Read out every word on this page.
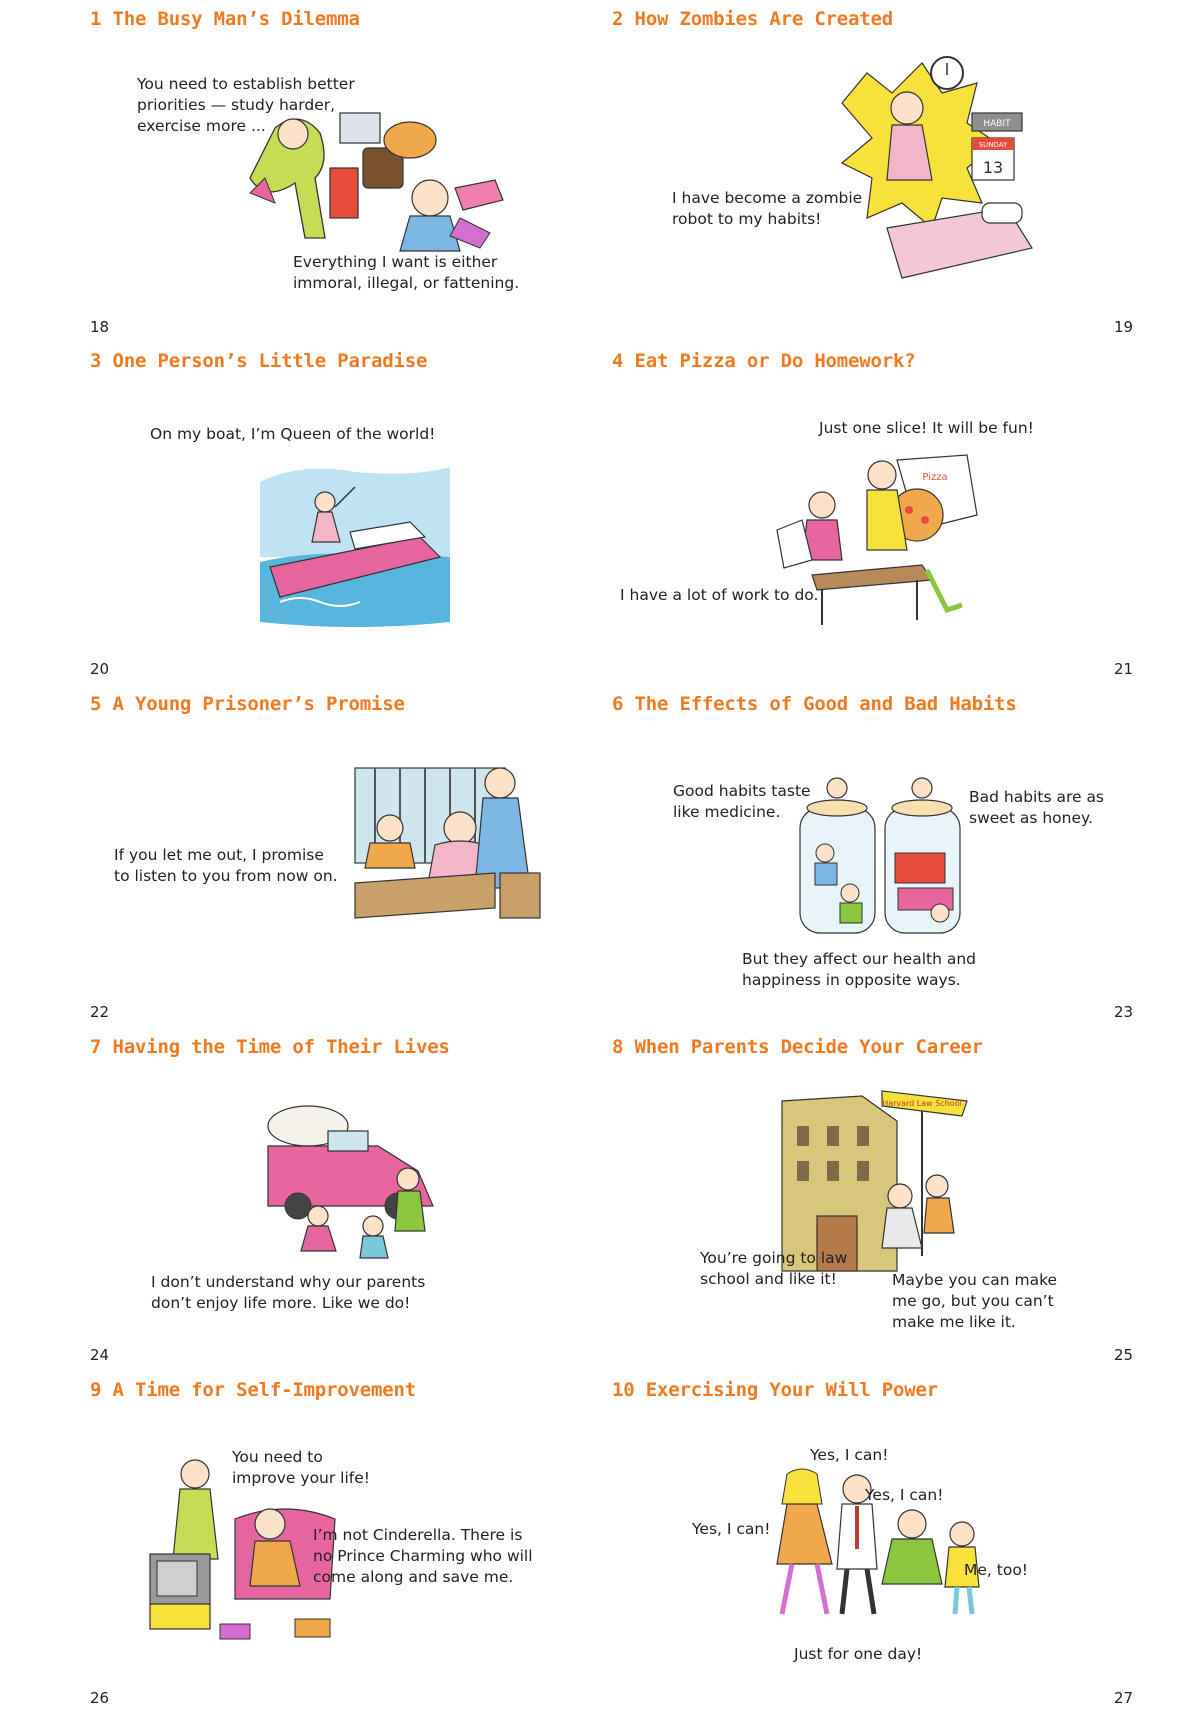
1 The Busy Man’s Dilemma
You need to establish better
priorities — study harder,
exercise more ...
Everything I want is either
immoral, illegal, or fattening.
18
2 How Zombies Are Created
HABIT
SUNDAY
13
I have become a zombie
robot to my habits!
19
3 One Person’s Little Paradise
On my boat, I’m Queen of the world!
20
4 Eat Pizza or Do Homework?
Just one slice! It will be fun!
Pizza
I have a lot of work to do.
21
5 A Young Prisoner’s Promise
If you let me out, I promise
to listen to you from now on.
22
6 The Effects of Good and Bad Habits
Good habits taste
like medicine.
Bad habits are as
sweet as honey.
But they affect our health and
happiness in opposite ways.
23
7 Having the Time of Their Lives
I don’t understand why our parents
don’t enjoy life more. Like we do!
24
8 When Parents Decide Your Career
Harvard Law School
You’re going to law
school and like it!	Maybe you can make
me go, but you can’t
make me like it.
25
9 A Time for Self-Improvement
You need to
improve your life!
I’m not Cinderella. There is
no Prince Charming who will
come along and save me.
26
10 Exercising Your Will Power
Yes, I can!
Yes, I can!
Yes, I can!
Me, too!
Just for one day!
27
